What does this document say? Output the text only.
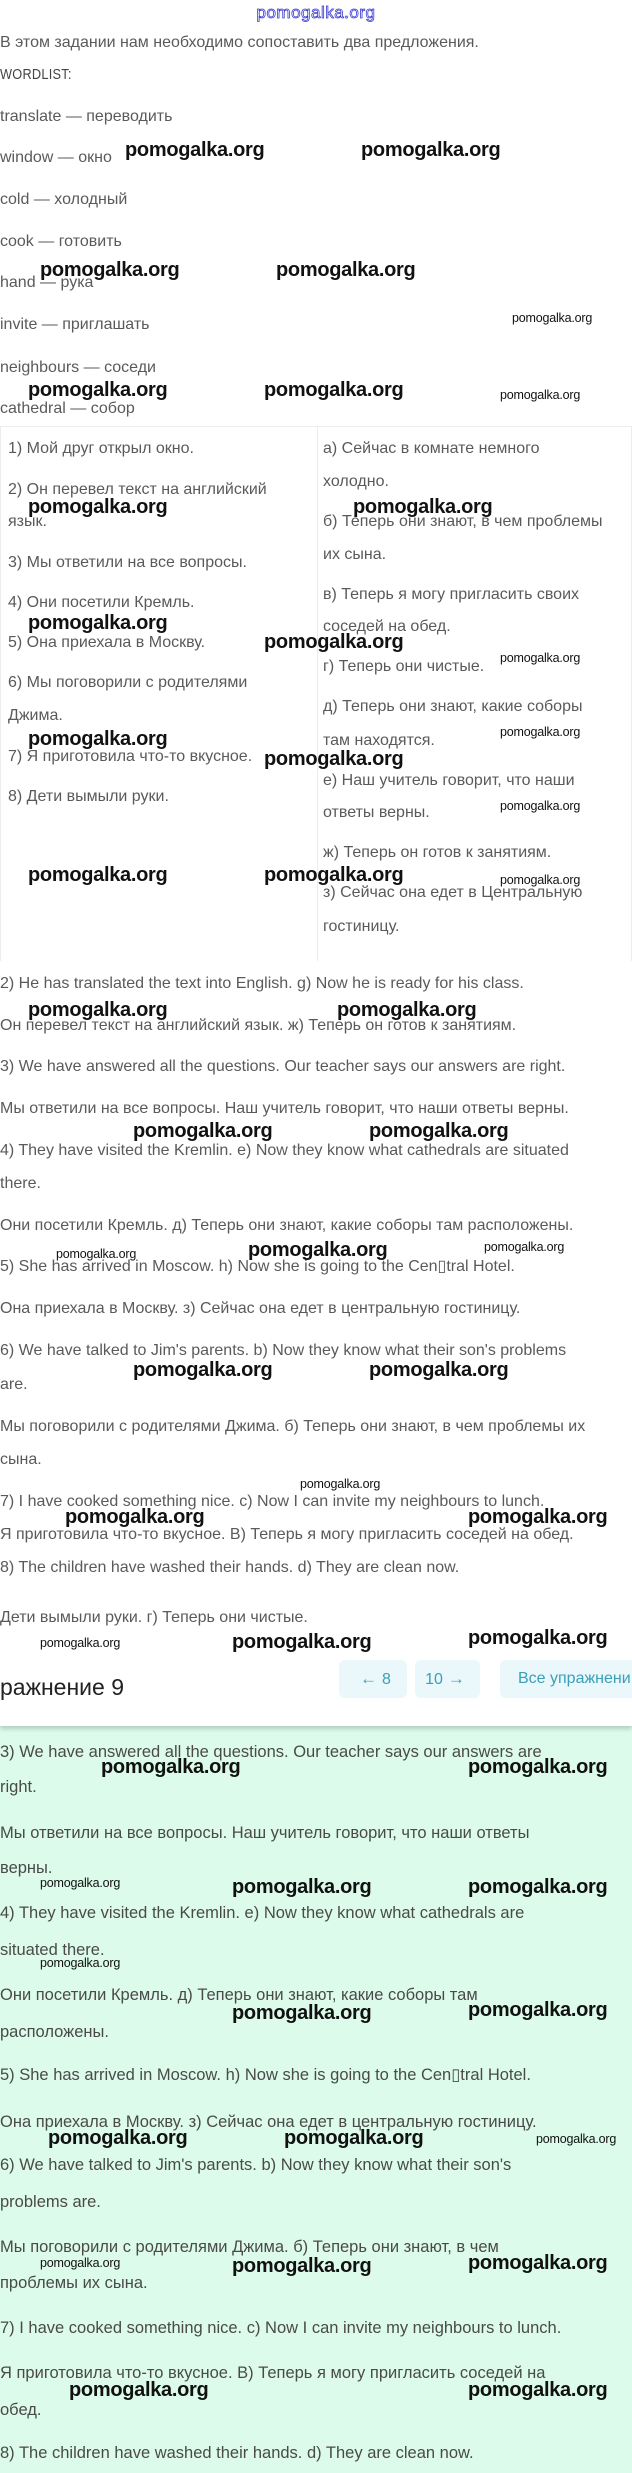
pomogalka.org
В этом задании нам необходимо сопоставить два предложения.
WORDLIST:
ражнение 9	← 8	10 →	Все упражнени
translate — переводить
window — окно
cold — холодный
cook — готовить
hand — рука
invite — приглашать
neighbours — соседи
cathedral — собор
1) Мой друг открыл окно.
2) Он перевел текст на английский
язык.
3) Мы ответили на все вопросы.
4) Они посетили Кремль.
5) Она приехала в Москву.
6) Мы поговорили с родителями
Джима.
7) Я приготовила что-то вкусное.
8) Дети вымыли руки.
а) Сейчас в комнате немного
холодно.
б) Теперь они знают, в чем проблемы
их сына.
в) Теперь я могу пригласить своих
соседей на обед.
г) Теперь они чистые.
д) Теперь они знают, какие соборы
там находятся.
е) Наш учитель говорит, что наши
ответы верны.
ж) Теперь он готов к занятиям.
з) Сейчас она едет в Центральную
гостиницу.
2) He has translated the text into English. g) Now he is ready for his class.
Он перевел текст на английский язык. ж) Теперь он готов к занятиям.
3) We have answered all the questions. Our teacher says our answers are right.
Мы ответили на все вопросы. Наш учитель говорит, что наши ответы верны.
4) They have visited the Kremlin. e) Now they know what cathedrals are situated
there.
Они посетили Кремль. д) Теперь они знают, какие соборы там расположены.
5) She has arrived in Moscow. h) Now she is going to the Cen▯tral Hotel.
Она приехала в Москву. з) Сейчас она едет в центральную гостиницу.
6) We have talked to Jim's parents. b) Now they know what their son's problems
are.
Мы поговорили с родителями Джима. б) Теперь они знают, в чем проблемы их
сына.
7) I have cooked something nice. c) Now I can invite my neighbours to lunch.
Я приготовила что-то вкусное. В) Теперь я могу пригласить соседей на обед.
8) The children have washed their hands. d) They are clean now.
Дети вымыли руки. г) Теперь они чистые.
3) We have answered all the questions. Our teacher says our answers are
right.
Мы ответили на все вопросы. Наш учитель говорит, что наши ответы
верны.
4) They have visited the Kremlin. e) Now they know what cathedrals are
situated there.
Они посетили Кремль. д) Теперь они знают, какие соборы там
расположены.
5) She has arrived in Moscow. h) Now she is going to the Cen▯tral Hotel.
Она приехала в Москву. з) Сейчас она едет в центральную гостиницу.
6) We have talked to Jim's parents. b) Now they know what their son's
problems are.
Мы поговорили с родителями Джима. б) Теперь они знают, в чем
проблемы их сына.
7) I have cooked something nice. c) Now I can invite my neighbours to lunch.
Я приготовила что-то вкусное. В) Теперь я могу пригласить соседей на
обед.
8) The children have washed their hands. d) They are clean now.
pomogalka.org	pomogalka.org
pomogalka.org	pomogalka.org
pomogalka.org
pomogalka.org	pomogalka.org	pomogalka.org
pomogalka.org	pomogalka.org
pomogalka.org
pomogalka.org
pomogalka.org
pomogalka.org
pomogalka.org
pomogalka.org
pomogalka.org
pomogalka.org	pomogalka.org	pomogalka.org
pomogalka.org	pomogalka.org
pomogalka.org	pomogalka.org
pomogalka.org	pomogalka.org	pomogalka.org
pomogalka.org	pomogalka.org
pomogalka.org
pomogalka.org	pomogalka.org
pomogalka.org	pomogalka.org	pomogalka.org
pomogalka.org	pomogalka.org
pomogalka.org	pomogalka.org	pomogalka.org
pomogalka.org
pomogalka.org	pomogalka.org
pomogalka.org	pomogalka.org	pomogalka.org
pomogalka.org	pomogalka.org	pomogalka.org
pomogalka.org	pomogalka.org
